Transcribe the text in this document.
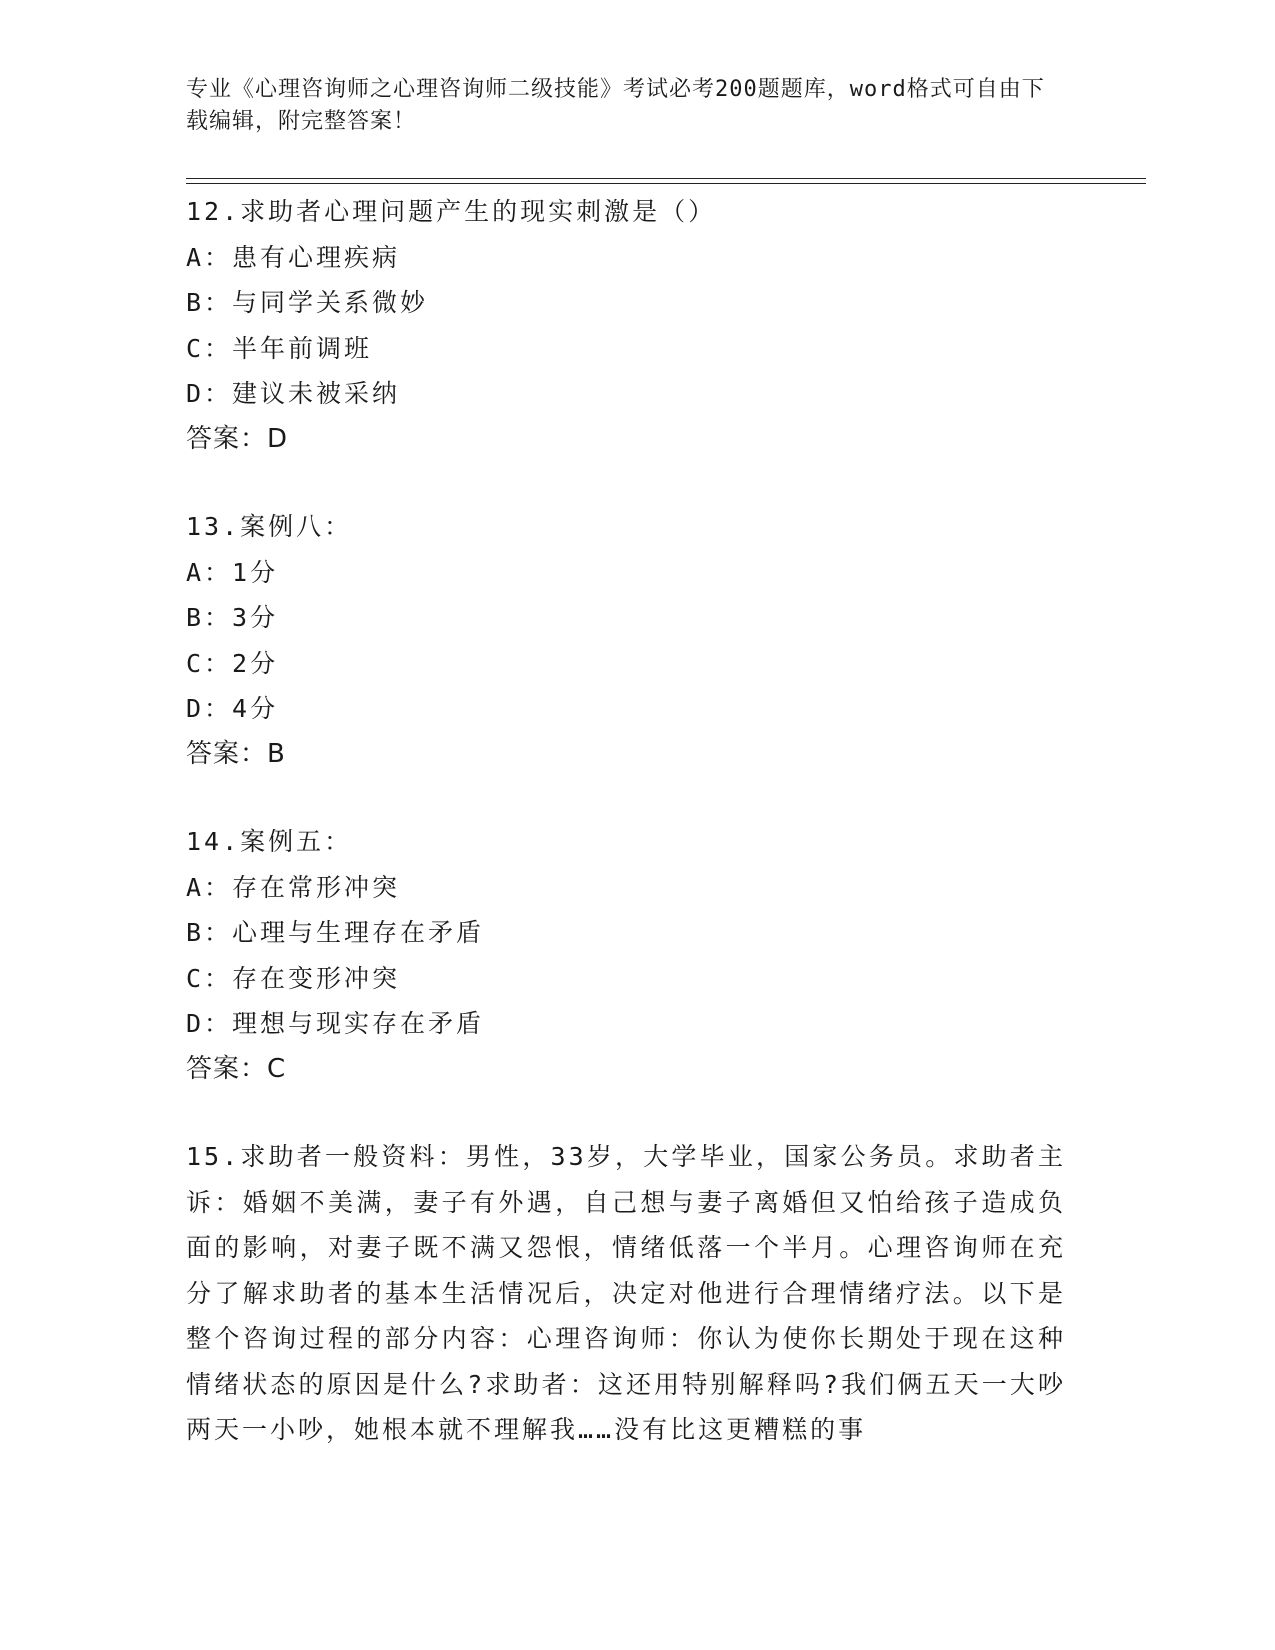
专业《心理咨询师之心理咨询师二级技能》考试必考200题题库，word格式可自由下载编辑，附完整答案！
12.求助者心理问题产生的现实刺激是（）
A：患有心理疾病
B：与同学关系微妙
C：半年前调班
D：建议未被采纳
答案：D
13.案例八：
A：1分
B：3分
C：2分
D：4分
答案：B
14.案例五：
A：存在常形冲突
B：心理与生理存在矛盾
C：存在变形冲突
D：理想与现实存在矛盾
答案：C
15.求助者一般资料：男性，33岁，大学毕业，国家公务员。求助者主诉：婚姻不美满，妻子有外遇，自己想与妻子离婚但又怕给孩子造成负面的影响，对妻子既不满又怨恨，情绪低落一个半月。心理咨询师在充分了解求助者的基本生活情况后，决定对他进行合理情绪疗法。以下是整个咨询过程的部分内容：心理咨询师：你认为使你长期处于现在这种情绪状态的原因是什么?求助者：这还用特别解释吗?我们俩五天一大吵两天一小吵，她根本就不理解我……没有比这更糟糕的事
